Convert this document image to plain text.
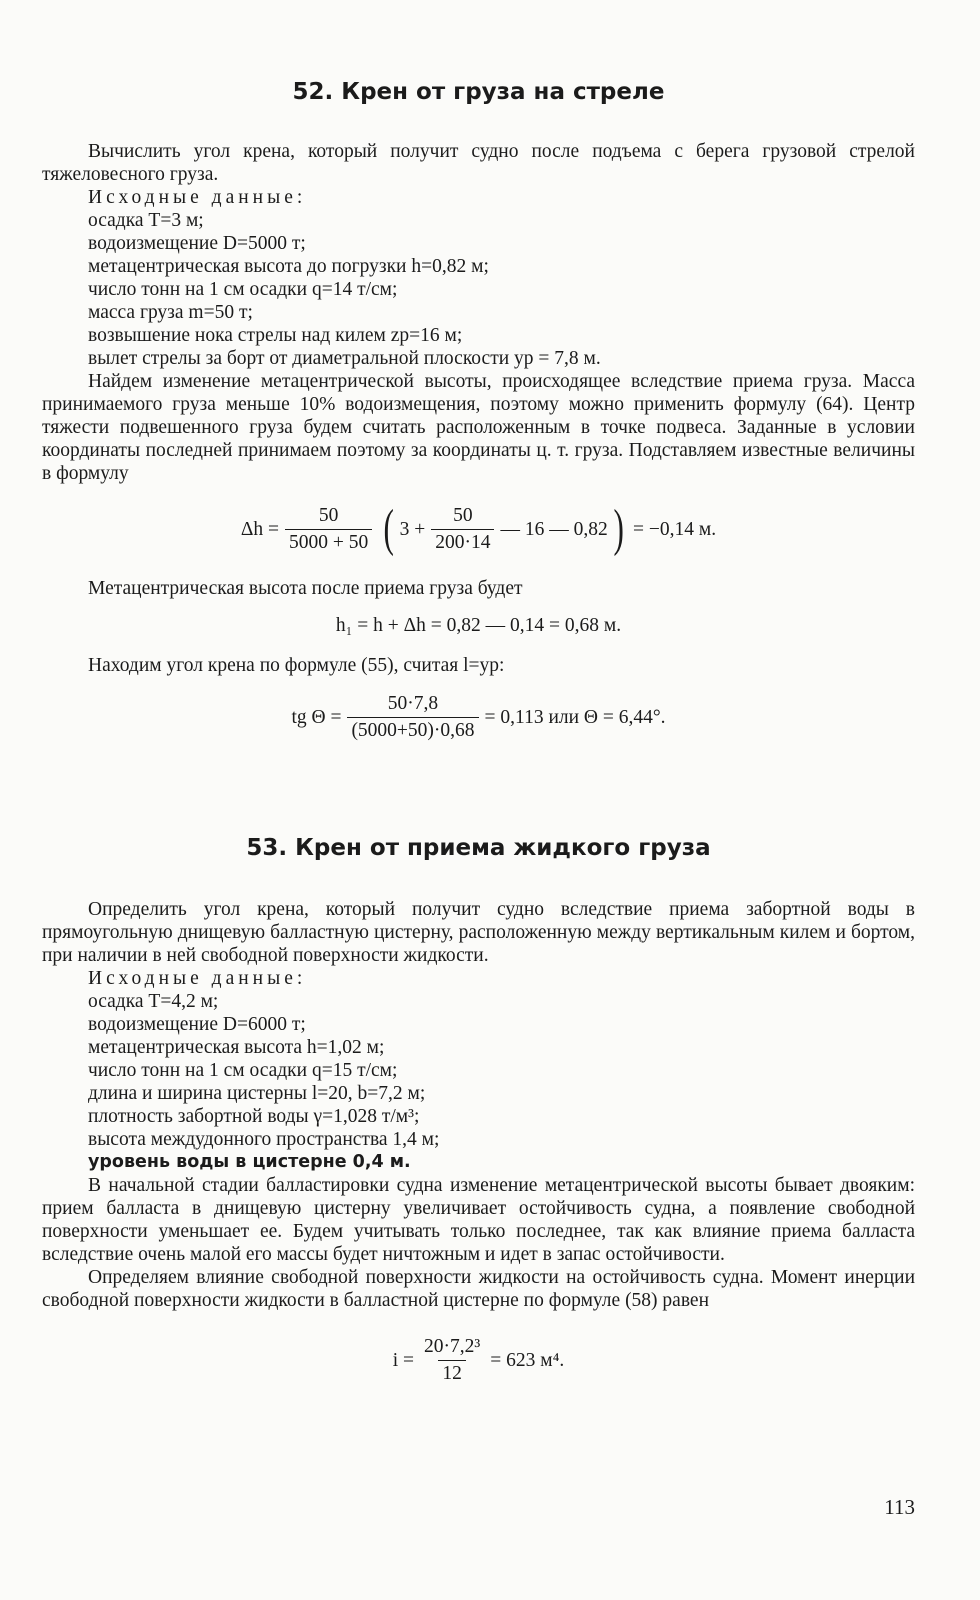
52. Крен от груза на стреле

Вычислить угол крена, который получит судно после подъема с берега грузовой стрелой тяжеловесного груза.

Исходные данные:

осадка T=3 м;

водоизмещение D=5000 т;

метацентрическая высота до погрузки h=0,82 м;

число тонн на 1 см осадки q=14 т/см;

масса груза m=50 т;

возвышение нока стрелы над килем zр=16 м;

вылет стрелы за борт от диаметральной плоскости yр = 7,8 м.

Найдем изменение метацентрической высоты, происходящее вследствие приема груза. Масса принимаемого груза меньше 10% водоизмещения, поэтому можно применить формулу (64). Центр тяжести подвешенного груза будем считать расположенным в точке подвеса. Заданные в условии координаты последней принимаем поэтому за координаты ц. т. груза. Подставляем известные величины в формулу

$\Delta h = \frac{50}{5000 + 50}$ ( $3 + \frac{50}{200\cdot 14}$ — 16 — 0,82 ) = −0,14 м.

Метацентрическая высота после приема груза будет

h₁ = h + Δh = 0,82 — 0,14 = 0,68 м.

Находим угол крена по формуле (55), считая l=yр:

tg $\Theta = \frac{50\cdot 7,8}{(5000+50)\cdot 0,68} = 0,113$ или Θ = 6,44°.
53. Крен от приема жидкого груза

Определить угол крена, который получит судно вследствие приема забортной воды в прямоугольную днищевую балластную цистерну, расположенную между вертикальным килем и бортом, при наличии в ней свободной поверхности жидкости.

Исходные данные:

осадка T=4,2 м;

водоизмещение D=6000 т;

метацентрическая высота h=1,02 м;

число тонн на 1 см осадки q=15 т/см;

длина и ширина цистерны l=20, b=7,2 м;

плотность забортной воды γ=1,028 т/м³;

высота междудонного пространства 1,4 м;

уровень воды в цистерне 0,4 м.

В начальной стадии балластировки судна изменение метацентрической высоты бывает двояким: прием балласта в днищевую цистерну увеличивает остойчивость судна, а появление свободной поверхности уменьшает ее. Будем учитывать только последнее, так как влияние приема балласта вследствие очень малой его массы будет ничтожным и идет в запас остойчивости.

Определяем влияние свободной поверхности жидкости на остойчивость судна. Момент инерции свободной поверхности жидкости в балластной цистерне по формуле (58) равен

$i = \frac{\text{20·7,2³}}{12} = 623$ м⁴.
113
